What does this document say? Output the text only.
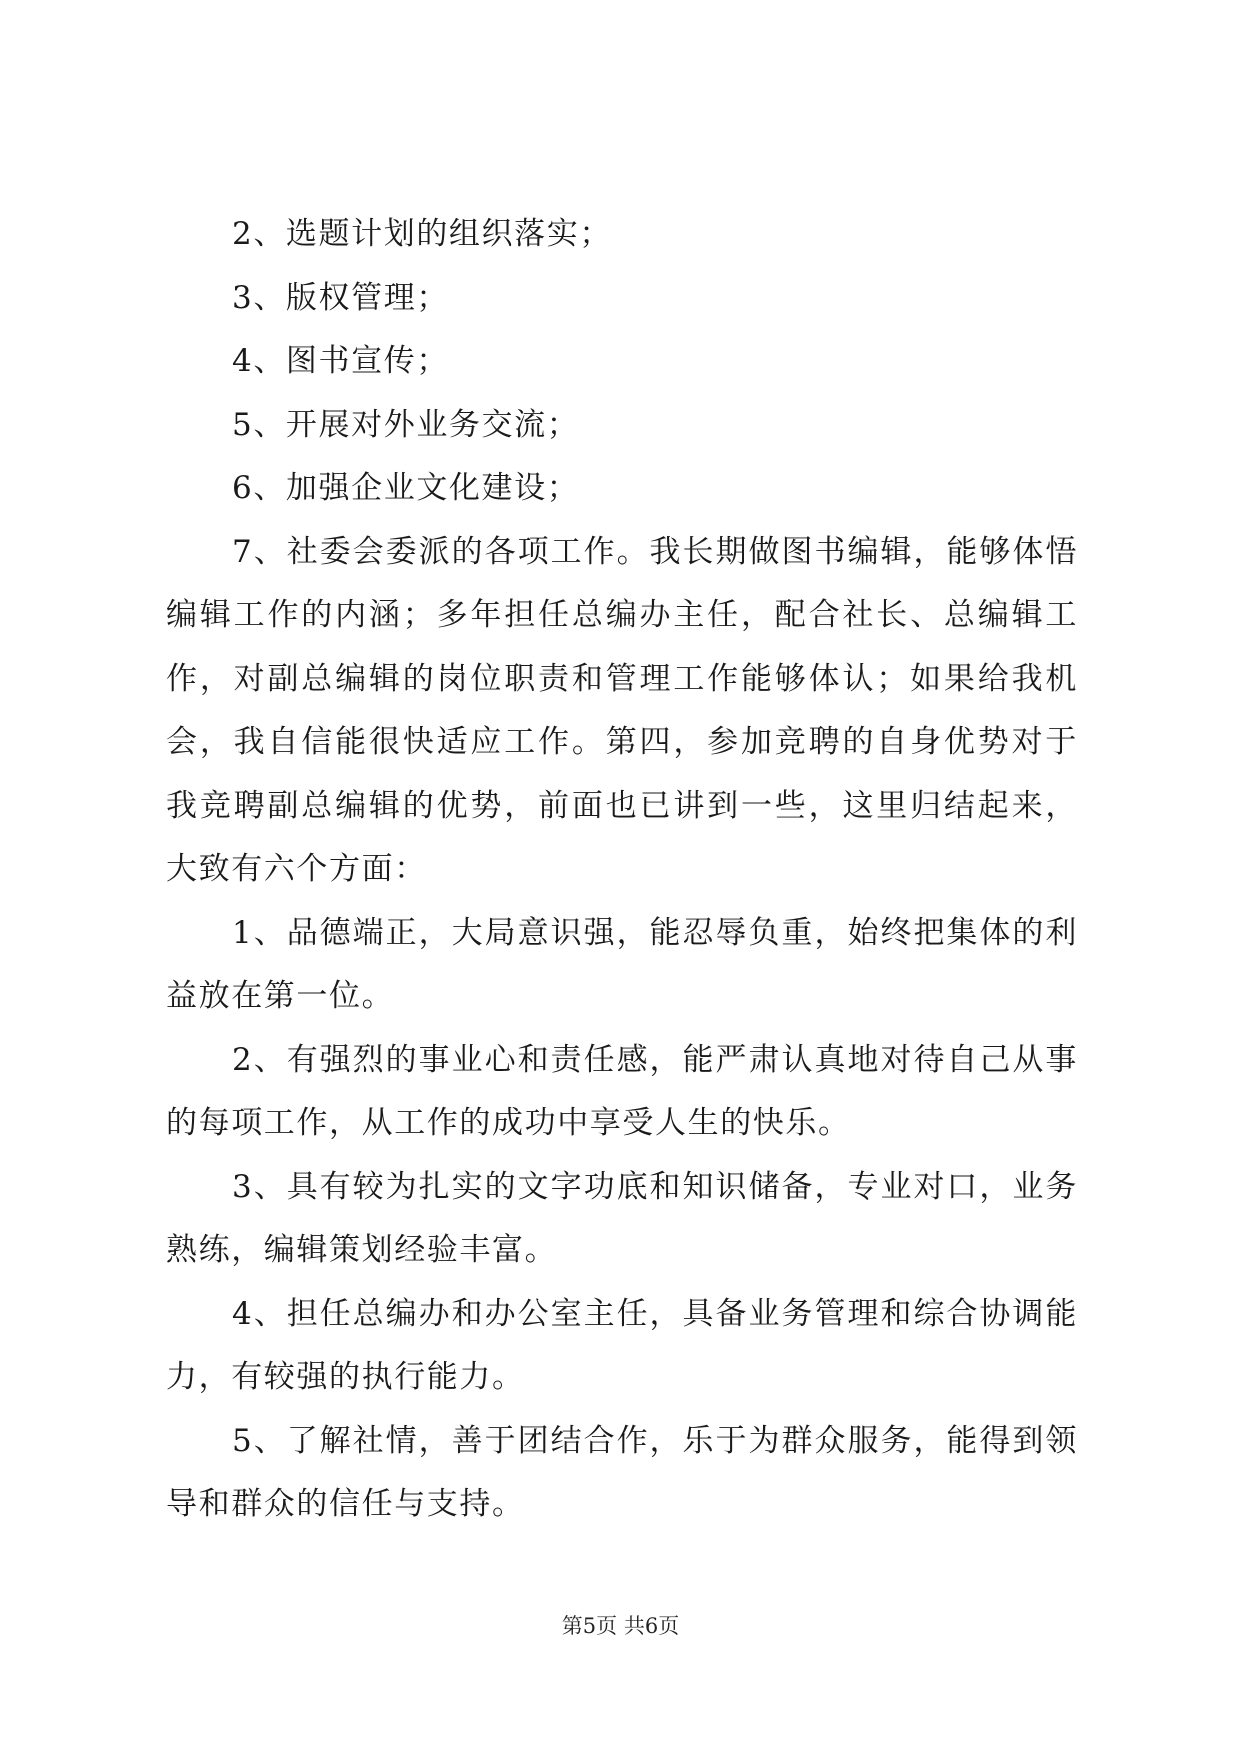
2、选题计划的组织落实；

3、版权管理；

4、图书宣传；

5、开展对外业务交流；

6、加强企业文化建设；

7、社委会委派的各项工作。我长期做图书编辑，能够体悟编辑工作的内涵；多年担任总编办主任，配合社长、总编辑工作，对副总编辑的岗位职责和管理工作能够体认；如果给我机会，我自信能很快适应工作。第四，参加竞聘的自身优势对于我竞聘副总编辑的优势，前面也已讲到一些，这里归结起来，大致有六个方面：

1、品德端正，大局意识强，能忍辱负重，始终把集体的利益放在第一位。

2、有强烈的事业心和责任感，能严肃认真地对待自己从事的每项工作，从工作的成功中享受人生的快乐。

3、具有较为扎实的文字功底和知识储备，专业对口，业务熟练，编辑策划经验丰富。

4、担任总编办和办公室主任，具备业务管理和综合协调能力，有较强的执行能力。

5、了解社情，善于团结合作，乐于为群众服务，能得到领导和群众的信任与支持。

第5页 共6页
